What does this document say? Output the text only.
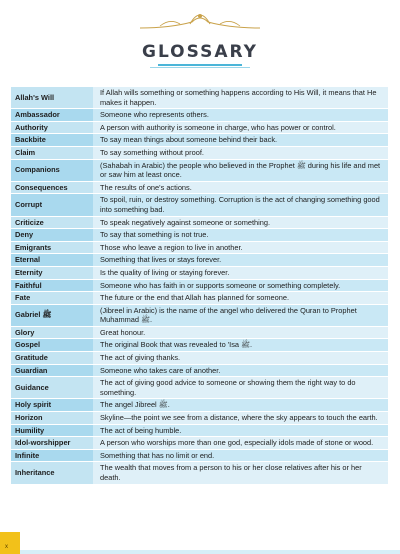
GLOSSARY
Allah's Will	If Allah wills something or something happens according to His Will, it means that He makes it happen.
Ambassador	Someone who represents others.
Authority	A person with authority is someone in charge, who has power or control.
Backbite	To say mean things about someone behind their back.
Claim	To say something without proof.
Companions	(Sahabah in Arabic) the people who believed in the Prophet ﷺ during his life and met or saw him at least once.
Consequences	The results of one's actions.
Corrupt	To spoil, ruin, or destroy something. Corruption is the act of changing something good into something bad.
Criticize	To speak negatively against someone or something.
Deny	To say that something is not true.
Emigrants	Those who leave a region to live in another.
Eternal	Something that lives or stays forever.
Eternity	Is the quality of living or staying forever.
Faithful	Someone who has faith in or supports someone or something completely.
Fate	The future or the end that Allah has planned for someone.
Gabriel ﷺ	(Jibreel in Arabic) is the name of the angel who delivered the Quran to Prophet Muhammad ﷺ.
Glory	Great honour.
Gospel	The original Book that was revealed to 'Isa ﷺ.
Gratitude	The act of giving thanks.
Guardian	Someone who takes care of another.
Guidance	The act of giving good advice to someone or showing them the right way to do something.
Holy spirit	The angel Jibreel ﷺ.
Horizon	Skyline—the point we see from a distance, where the sky appears to touch the earth.
Humility	The act of being humble.
Idol-worshipper	A person who worships more than one god, especially idols made of stone or wood.
Infinite	Something that has no limit or end.
Inheritance	The wealth that moves from a person to his or her close relatives after his or her death.
x
